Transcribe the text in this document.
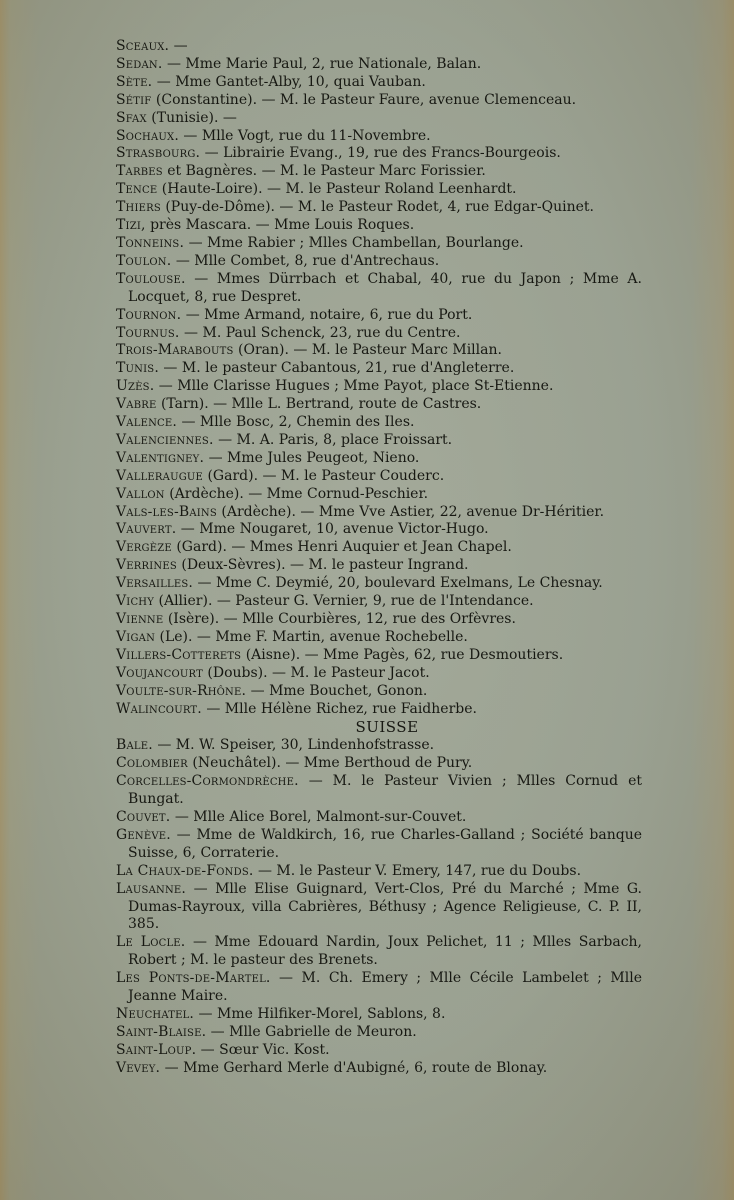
Sceaux. —

Sedan. — Mme Marie Paul, 2, rue Nationale, Balan.

Sète. — Mme Gantet-Alby, 10, quai Vauban.

Sétif (Constantine). — M. le Pasteur Faure, avenue Clemenceau.

Sfax (Tunisie). —

Sochaux. — Mlle Vogt, rue du 11-Novembre.

Strasbourg. — Librairie Evang., 19, rue des Francs-Bourgeois.

Tarbes et Bagnères. — M. le Pasteur Marc Forissier.

Tence (Haute-Loire). — M. le Pasteur Roland Leenhardt.

Thiers (Puy-de-Dôme). — M. le Pasteur Rodet, 4, rue Edgar-Quinet.

Tizi, près Mascara. — Mme Louis Roques.

Tonneins. — Mme Rabier ; Mlles Chambellan, Bourlange.

Toulon. — Mlle Combet, 8, rue d'Antrechaus.

Toulouse. — Mmes Dürrbach et Chabal, 40, rue du Japon ; Mme A. Locquet, 8, rue Despret.

Tournon. — Mme Armand, notaire, 6, rue du Port.

Tournus. — M. Paul Schenck, 23, rue du Centre.

Trois-Marabouts (Oran). — M. le Pasteur Marc Millan.

Tunis. — M. le pasteur Cabantous, 21, rue d'Angleterre.

Uzès. — Mlle Clarisse Hugues ; Mme Payot, place St-Etienne.

Vabre (Tarn). — Mlle L. Bertrand, route de Castres.

Valence. — Mlle Bosc, 2, Chemin des Iles.

Valenciennes. — M. A. Paris, 8, place Froissart.

Valentigney. — Mme Jules Peugeot, Nieno.

Valleraugue (Gard). — M. le Pasteur Couderc.

Vallon (Ardèche). — Mme Cornud-Peschier.

Vals-les-Bains (Ardèche). — Mme Vve Astier, 22, avenue Dr-Héritier.

Vauvert. — Mme Nougaret, 10, avenue Victor-Hugo.

Vergèze (Gard). — Mmes Henri Auquier et Jean Chapel.

Verrines (Deux-Sèvres). — M. le pasteur Ingrand.

Versailles. — Mme C. Deymié, 20, boulevard Exelmans, Le Chesnay.

Vichy (Allier). — Pasteur G. Vernier, 9, rue de l'Intendance.

Vienne (Isère). — Mlle Courbières, 12, rue des Orfèvres.

Vigan (Le). — Mme F. Martin, avenue Rochebelle.

Villers-Cotterets (Aisne). — Mme Pagès, 62, rue Desmoutiers.

Voujancourt (Doubs). — M. le Pasteur Jacot.

Voulte-sur-Rhône. — Mme Bouchet, Gonon.

Walincourt. — Mlle Hélène Richez, rue Faidherbe.

SUISSE

Bale. — M. W. Speiser, 30, Lindenhofstrasse.

Colombier (Neuchâtel). — Mme Berthoud de Pury.

Corcelles-Cormondrèche. — M. le Pasteur Vivien ; Mlles Cornud et Bungat.

Couvet. — Mlle Alice Borel, Malmont-sur-Couvet.

Genève. — Mme de Waldkirch, 16, rue Charles-Galland ; Société banque Suisse, 6, Corraterie.

La Chaux-de-Fonds. — M. le Pasteur V. Emery, 147, rue du Doubs.

Lausanne. — Mlle Elise Guignard, Vert-Clos, Pré du Marché ; Mme G. Dumas-Rayroux, villa Cabrières, Béthusy ; Agence Religieuse, C. P. II, 385.

Le Locle. — Mme Edouard Nardin, Joux Pelichet, 11 ; Mlles Sarbach, Robert ; M. le pasteur des Brenets.

Les Ponts-de-Martel. — M. Ch. Emery ; Mlle Cécile Lambelet ; Mlle Jeanne Maire.

Neuchatel. — Mme Hilfiker-Morel, Sablons, 8.

Saint-Blaise. — Mlle Gabrielle de Meuron.

Saint-Loup. — Sœur Vic. Kost.

Vevey. — Mme Gerhard Merle d'Aubigné, 6, route de Blonay.
